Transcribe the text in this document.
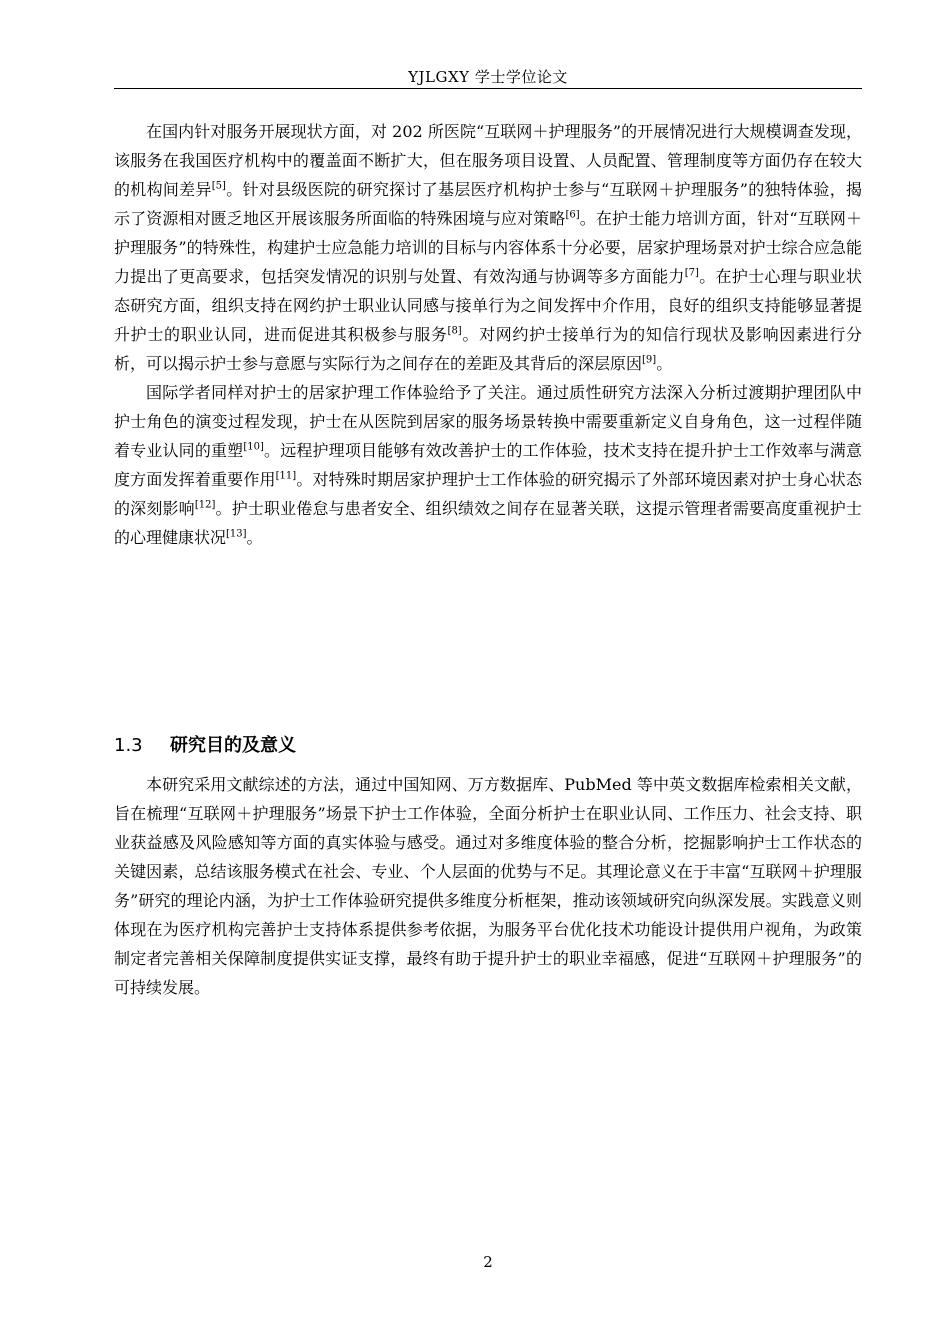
YJLGXY 学士学位论文

在国内针对服务开展现状方面，对 202 所医院“互联网＋护理服务”的开展情况进行大规模调查发现，该服务在我国医疗机构中的覆盖面不断扩大，但在服务项目设置、人员配置、管理制度等方面仍存在较大的机构间差异[5]。针对县级医院的研究探讨了基层医疗机构护士参与“互联网＋护理服务”的独特体验，揭示了资源相对匮乏地区开展该服务所面临的特殊困境与应对策略[6]。在护士能力培训方面，针对“互联网＋护理服务”的特殊性，构建护士应急能力培训的目标与内容体系十分必要，居家护理场景对护士综合应急能力提出了更高要求，包括突发情况的识别与处置、有效沟通与协调等多方面能力[7]。在护士心理与职业状态研究方面，组织支持在网约护士职业认同感与接单行为之间发挥中介作用，良好的组织支持能够显著提升护士的职业认同，进而促进其积极参与服务[8]。对网约护士接单行为的知信行现状及影响因素进行分析，可以揭示护士参与意愿与实际行为之间存在的差距及其背后的深层原因[9]。

国际学者同样对护士的居家护理工作体验给予了关注。通过质性研究方法深入分析过渡期护理团队中护士角色的演变过程发现，护士在从医院到居家的服务场景转换中需要重新定义自身角色，这一过程伴随着专业认同的重塑[10]。远程护理项目能够有效改善护士的工作体验，技术支持在提升护士工作效率与满意度方面发挥着重要作用[11]。对特殊时期居家护理护士工作体验的研究揭示了外部环境因素对护士身心状态的深刻影响[12]。护士职业倦怠与患者安全、组织绩效之间存在显著关联，这提示管理者需要高度重视护士的心理健康状况[13]。

1.3 研究目的及意义

本研究采用文献综述的方法，通过中国知网、万方数据库、PubMed 等中英文数据库检索相关文献，旨在梳理“互联网＋护理服务”场景下护士工作体验，全面分析护士在职业认同、工作压力、社会支持、职业获益感及风险感知等方面的真实体验与感受。通过对多维度体验的整合分析，挖掘影响护士工作状态的关键因素，总结该服务模式在社会、专业、个人层面的优势与不足。其理论意义在于丰富“互联网＋护理服务”研究的理论内涵，为护士工作体验研究提供多维度分析框架，推动该领域研究向纵深发展。实践意义则体现在为医疗机构完善护士支持体系提供参考依据，为服务平台优化技术功能设计提供用户视角，为政策制定者完善相关保障制度提供实证支撑，最终有助于提升护士的职业幸福感，促进“互联网＋护理服务”的可持续发展。

2
